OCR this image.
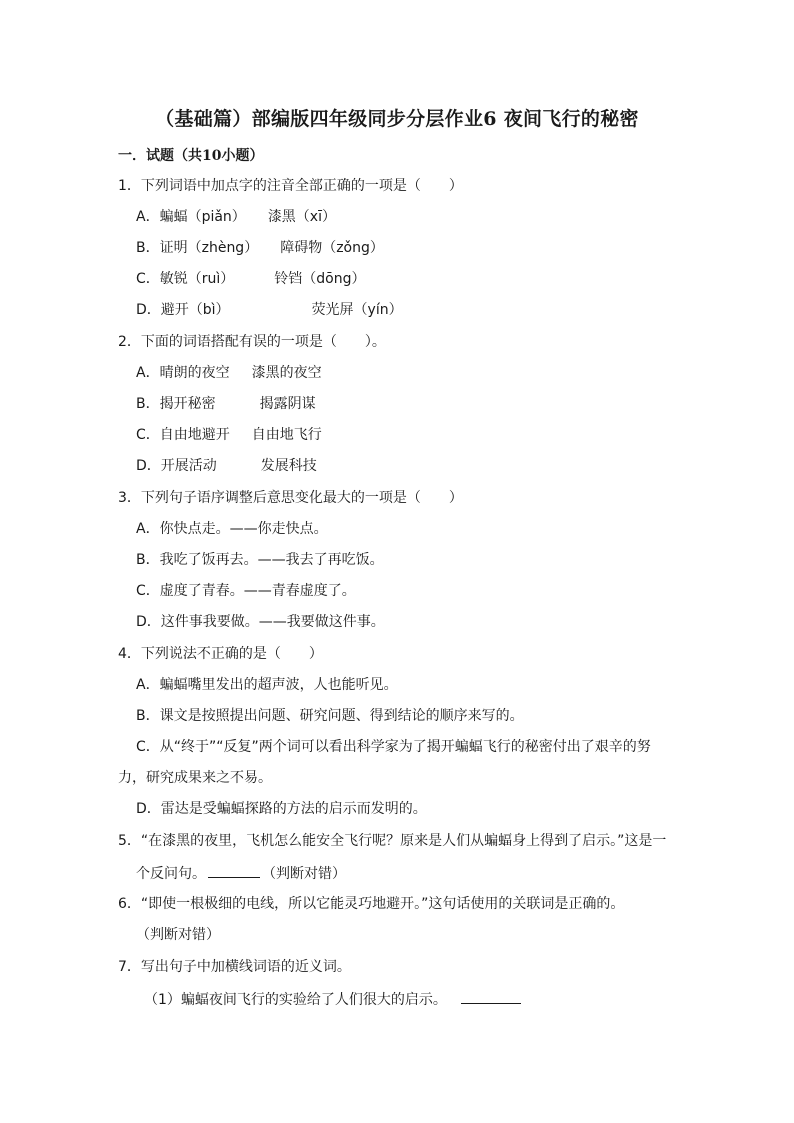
（基础篇）部编版四年级同步分层作业6 夜间飞行的秘密
一．试题（共10小题）
1．下列词语中加点字的注音全部正确的一项是（　　）
A．蝙蝠（piǎn） 漆黑（xī）
B．证明（zhèng） 障碍物（zǒng）
C．敏锐（ruì）	铃铛（dōng）
D．避开（bì）	荧光屏（yín）
2．下面的词语搭配有误的一项是（　　）。
A．晴朗的夜空 漆黑的夜空
B．揭开秘密	揭露阴谋
C．自由地避开 自由地飞行
D．开展活动	发展科技
3．下列句子语序调整后意思变化最大的一项是（　　）
A．你快点走。——你走快点。
B．我吃了饭再去。——我去了再吃饭。
C．虚度了青春。——青春虚度了。
D．这件事我要做。——我要做这件事。
4．下列说法不正确的是（　　）
A．蝙蝠嘴里发出的超声波，人也能听见。
B．课文是按照提出问题、研究问题、得到结论的顺序来写的。
C．从“终于”“反复”两个词可以看出科学家为了揭开蝙蝠飞行的秘密付出了艰辛的努
力，研究成果来之不易。
D．雷达是受蝙蝠探路的方法的启示而发明的。
5．“在漆黑的夜里，飞机怎么能安全飞行呢？原来是人们从蝙蝠身上得到了启示。”这是一
个反问句。	（判断对错）
6．“即使一根极细的电线，所以它能灵巧地避开。”这句话使用的关联词是正确的。
（判断对错）
7．写出句子中加横线词语的近义词。
（1）蝙蝠夜间飞行的实验给了人们很大的启示。
